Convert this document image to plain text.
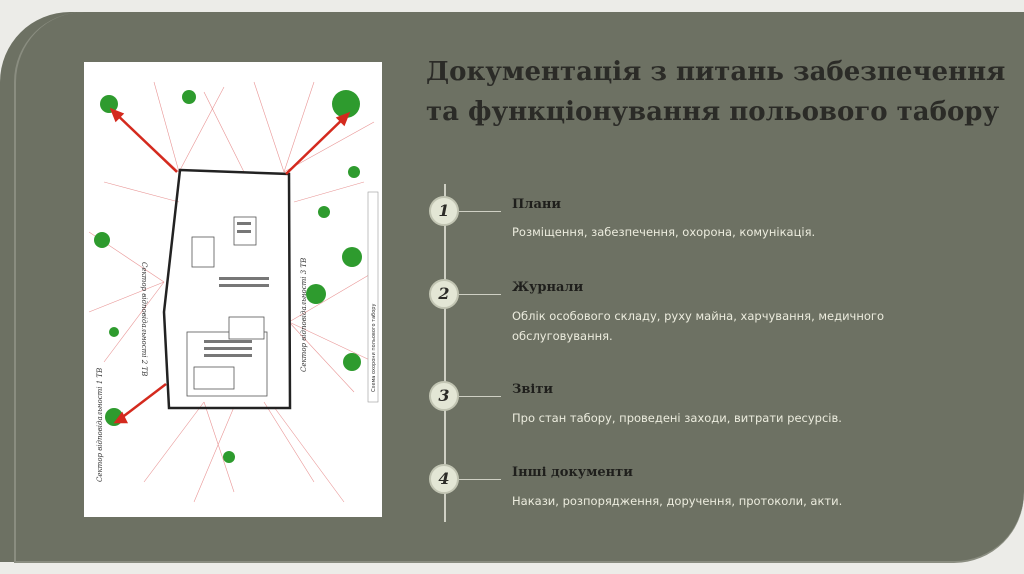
Документація з питань забезпечення та функціонування польового табору
Сектор відповідальності 2 ТВ	Сектор відповідальності 3 ТВ
Сектор відповідальності 1 ТВ
Схема охорони польового табору
1	Плани
Розміщення, забезпечення, охорона, комунікація.
2	Журнали
Облік особового складу, руху майна, харчування, медичного обслуговування.
3	Звіти
Про стан табору, проведені заходи, витрати ресурсів.
4	Інші документи
Накази, розпорядження, доручення, протоколи, акти.
